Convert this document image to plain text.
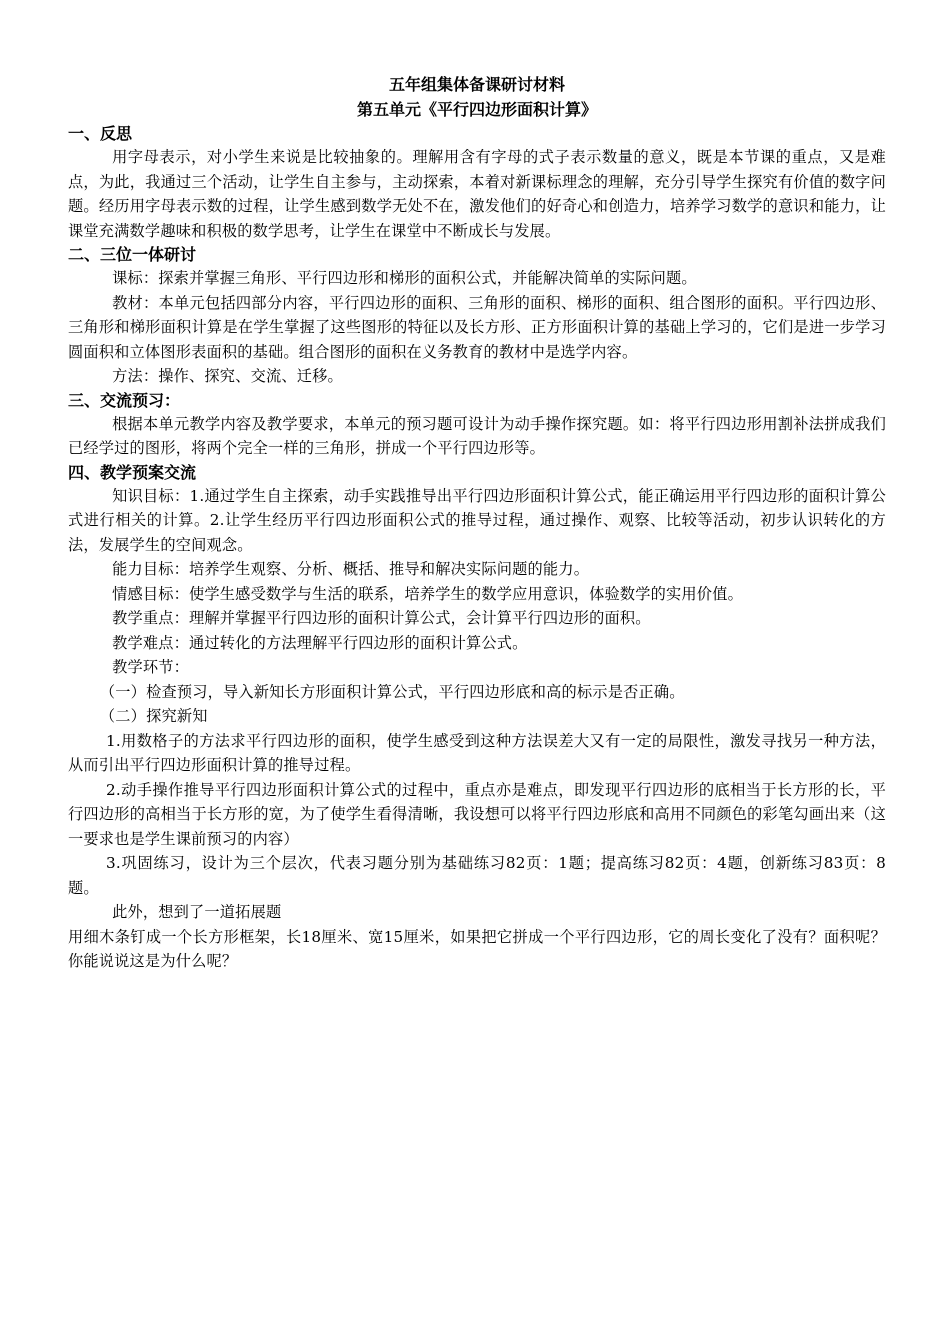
五年组集体备课研讨材料

第五单元《平行四边形面积计算》

一、反思

用字母表示，对小学生来说是比较抽象的。理解用含有字母的式子表示数量的意义，既是本节课的重点，又是难点，为此，我通过三个活动，让学生自主参与，主动探索，本着对新课标理念的理解，充分引导学生探究有价值的数字问题。经历用字母表示数的过程，让学生感到数学无处不在，激发他们的好奇心和创造力，培养学习数学的意识和能力，让课堂充满数学趣味和积极的数学思考，让学生在课堂中不断成长与发展。

二、三位一体研讨

课标：探索并掌握三角形、平行四边形和梯形的面积公式，并能解决简单的实际问题。

教材：本单元包括四部分内容，平行四边形的面积、三角形的面积、梯形的面积、组合图形的面积。平行四边形、三角形和梯形面积计算是在学生掌握了这些图形的特征以及长方形、正方形面积计算的基础上学习的，它们是进一步学习圆面积和立体图形表面积的基础。组合图形的面积在义务教育的教材中是选学内容。

方法：操作、探究、交流、迁移。

三、交流预习：

根据本单元教学内容及教学要求，本单元的预习题可设计为动手操作探究题。如：将平行四边形用割补法拼成我们已经学过的图形，将两个完全一样的三角形，拼成一个平行四边形等。

四、教学预案交流

知识目标：1.通过学生自主探索，动手实践推导出平行四边形面积计算公式，能正确运用平行四边形的面积计算公式进行相关的计算。2.让学生经历平行四边形面积公式的推导过程，通过操作、观察、比较等活动，初步认识转化的方法，发展学生的空间观念。

能力目标：培养学生观察、分析、概括、推导和解决实际问题的能力。

情感目标：使学生感受数学与生活的联系，培养学生的数学应用意识，体验数学的实用价值。

教学重点：理解并掌握平行四边形的面积计算公式，会计算平行四边形的面积。

教学难点：通过转化的方法理解平行四边形的面积计算公式。

教学环节：

（一）检查预习，导入新知长方形面积计算公式，平行四边形底和高的标示是否正确。

（二）探究新知

1.用数格子的方法求平行四边形的面积，使学生感受到这种方法误差大又有一定的局限性，激发寻找另一种方法，从而引出平行四边形面积计算的推导过程。

2.动手操作推导平行四边形面积计算公式的过程中，重点亦是难点，即发现平行四边形的底相当于长方形的长，平行四边形的高相当于长方形的宽，为了使学生看得清晰，我设想可以将平行四边形底和高用不同颜色的彩笔勾画出来（这一要求也是学生课前预习的内容）

3.巩固练习，设计为三个层次，代表习题分别为基础练习82页：1题；提高练习82页：4题，创新练习83页：8题。

此外，想到了一道拓展题

用细木条钉成一个长方形框架，长18厘米、宽15厘米，如果把它拼成一个平行四边形，它的周长变化了没有？面积呢？你能说说这是为什么呢？
